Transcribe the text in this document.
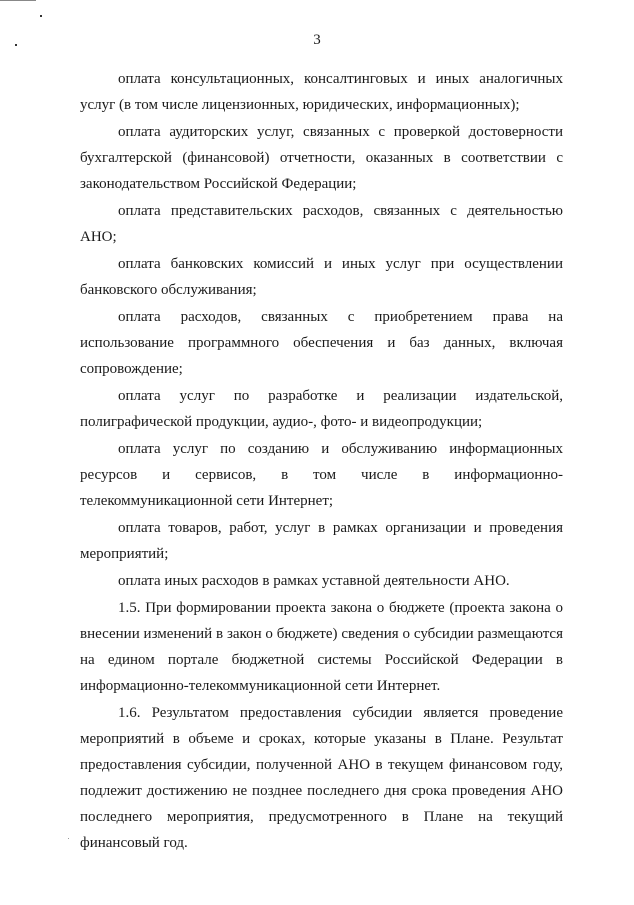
3

оплата консультационных, консалтинговых и иных аналогичных услуг (в том числе лицензионных, юридических, информационных);

оплата аудиторских услуг, связанных с проверкой достоверности бухгалтерской (финансовой) отчетности, оказанных в соответствии с законодательством Российской Федерации;

оплата представительских расходов, связанных с деятельностью АНО;

оплата банковских комиссий и иных услуг при осуществлении банковского обслуживания;

оплата расходов, связанных с приобретением права на использование программного обеспечения и баз данных, включая сопровождение;

оплата услуг по разработке и реализации издательской, полиграфической продукции, аудио-, фото- и видеопродукции;

оплата услуг по созданию и обслуживанию информационных ресурсов и сервисов, в том числе в информационно-телекоммуникационной сети Интернет;

оплата товаров, работ, услуг в рамках организации и проведения мероприятий;

оплата иных расходов в рамках уставной деятельности АНО.

1.5. При формировании проекта закона о бюджете (проекта закона о внесении изменений в закон о бюджете) сведения о субсидии размещаются на едином портале бюджетной системы Российской Федерации в информационно-телекоммуникационной сети Интернет.

1.6. Результатом предоставления субсидии является проведение мероприятий в объеме и сроках, которые указаны в Плане. Результат предоставления субсидии, полученной АНО в текущем финансовом году, подлежит достижению не позднее последнего дня срока проведения АНО последнего мероприятия, предусмотренного в Плане на текущий финансовый год.
